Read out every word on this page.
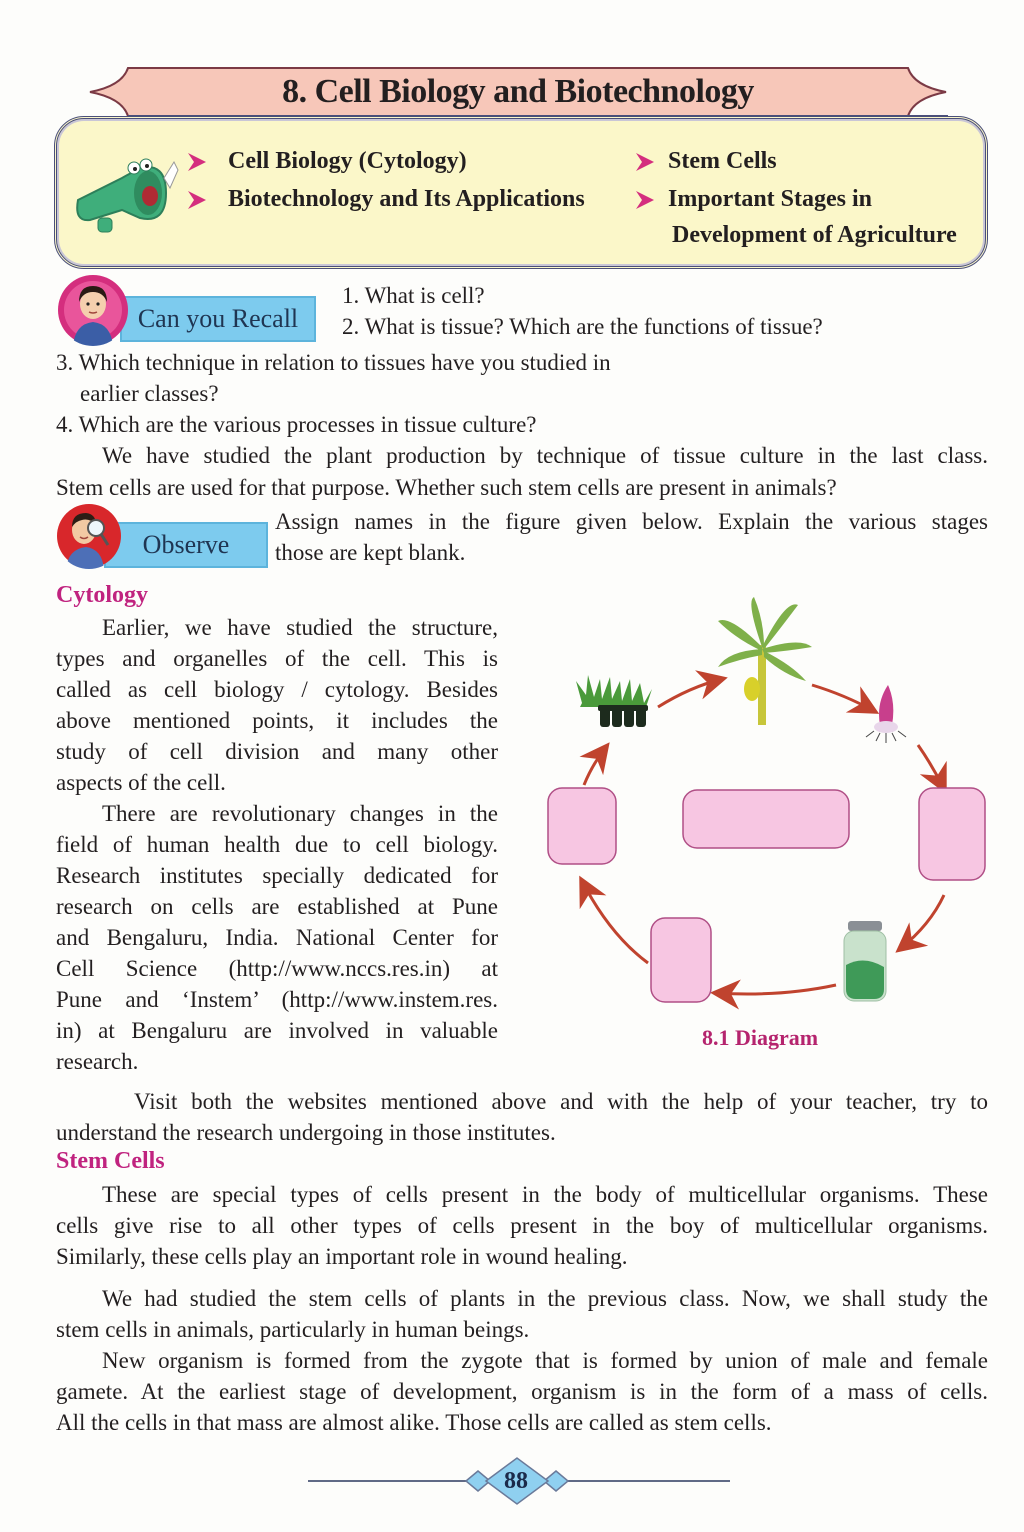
8. Cell Biology and Biotechnology
Cell Biology (Cytology)
Biotechnology and Its Applications
Stem Cells
Important Stages in
Development of Agriculture
Can you Recall
1. What is cell?
2. What is tissue? Which are the functions of tissue?
3. Which technique in relation to tissues have you studied in
earlier classes?
4. Which are the various processes in tissue culture?
We have studied the plant production by technique of tissue culture in the last class.
Stem cells are used for that purpose. Whether such stem cells are present in animals?
Observe
Assign names in the figure given below. Explain the various stages
those are kept blank.
Cytology
Earlier, we have studied the structure,
types and organelles of the cell. This is
called as cell biology / cytology. Besides
above mentioned points, it includes the
study of cell division and many other
aspects of the cell.
There are revolutionary changes in the
field of human health due to cell biology.
Research institutes specially dedicated for
research on cells are established at Pune
and Bengaluru, India. National Center for
Cell Science (http://www.nccs.res.in) at
Pune and ‘Instem’ (http://www.instem.res.
in) at Bengaluru are involved in valuable
research.
8.1 Diagram
Visit both the websites mentioned above and with the help of your teacher, try to
understand the research undergoing in those institutes.
Stem Cells
These are special types of cells present in the body of multicellular organisms. These
cells give rise to all other types of cells present in the boy of multicellular organisms.
Similarly, these cells play an important role in wound healing.
We had studied the stem cells of plants in the previous class. Now, we shall study the
stem cells in animals, particularly in human beings.
New organism is formed from the zygote that is formed by union of male and female
gamete. At the earliest stage of development, organism is in the form of a mass of cells.
All the cells in that mass are almost alike. Those cells are called as stem cells.
88
